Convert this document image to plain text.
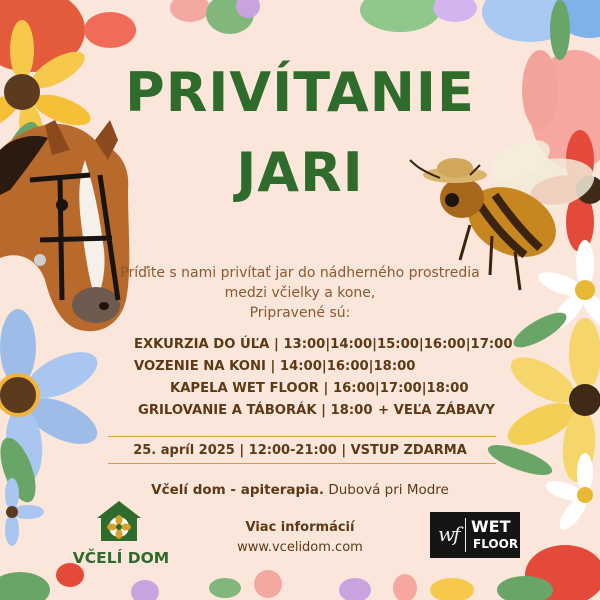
PRIVÍTANIE
JARI
Príďite s nami privítať jar do nádherného prostredia
medzi včielky a kone,
Pripravené sú:
EXKURZIA DO ÚĽA | 13:00|14:00|15:00|16:00|17:00
VOZENIE NA KONI | 14:00|16:00|18:00
KAPELA WET FLOOR | 16:00|17:00|18:00
GRILOVANIE A TÁBORÁK | 18:00 + VEĽA ZÁBAVY
25. apríl 2025 | 12:00-21:00 | VSTUP ZDARMA
Včelí dom - apiterapia. Dubová pri Modre
Viac informácií
www.vcelidom.com
VČELÍ DOM
wf WET
FLOOR
